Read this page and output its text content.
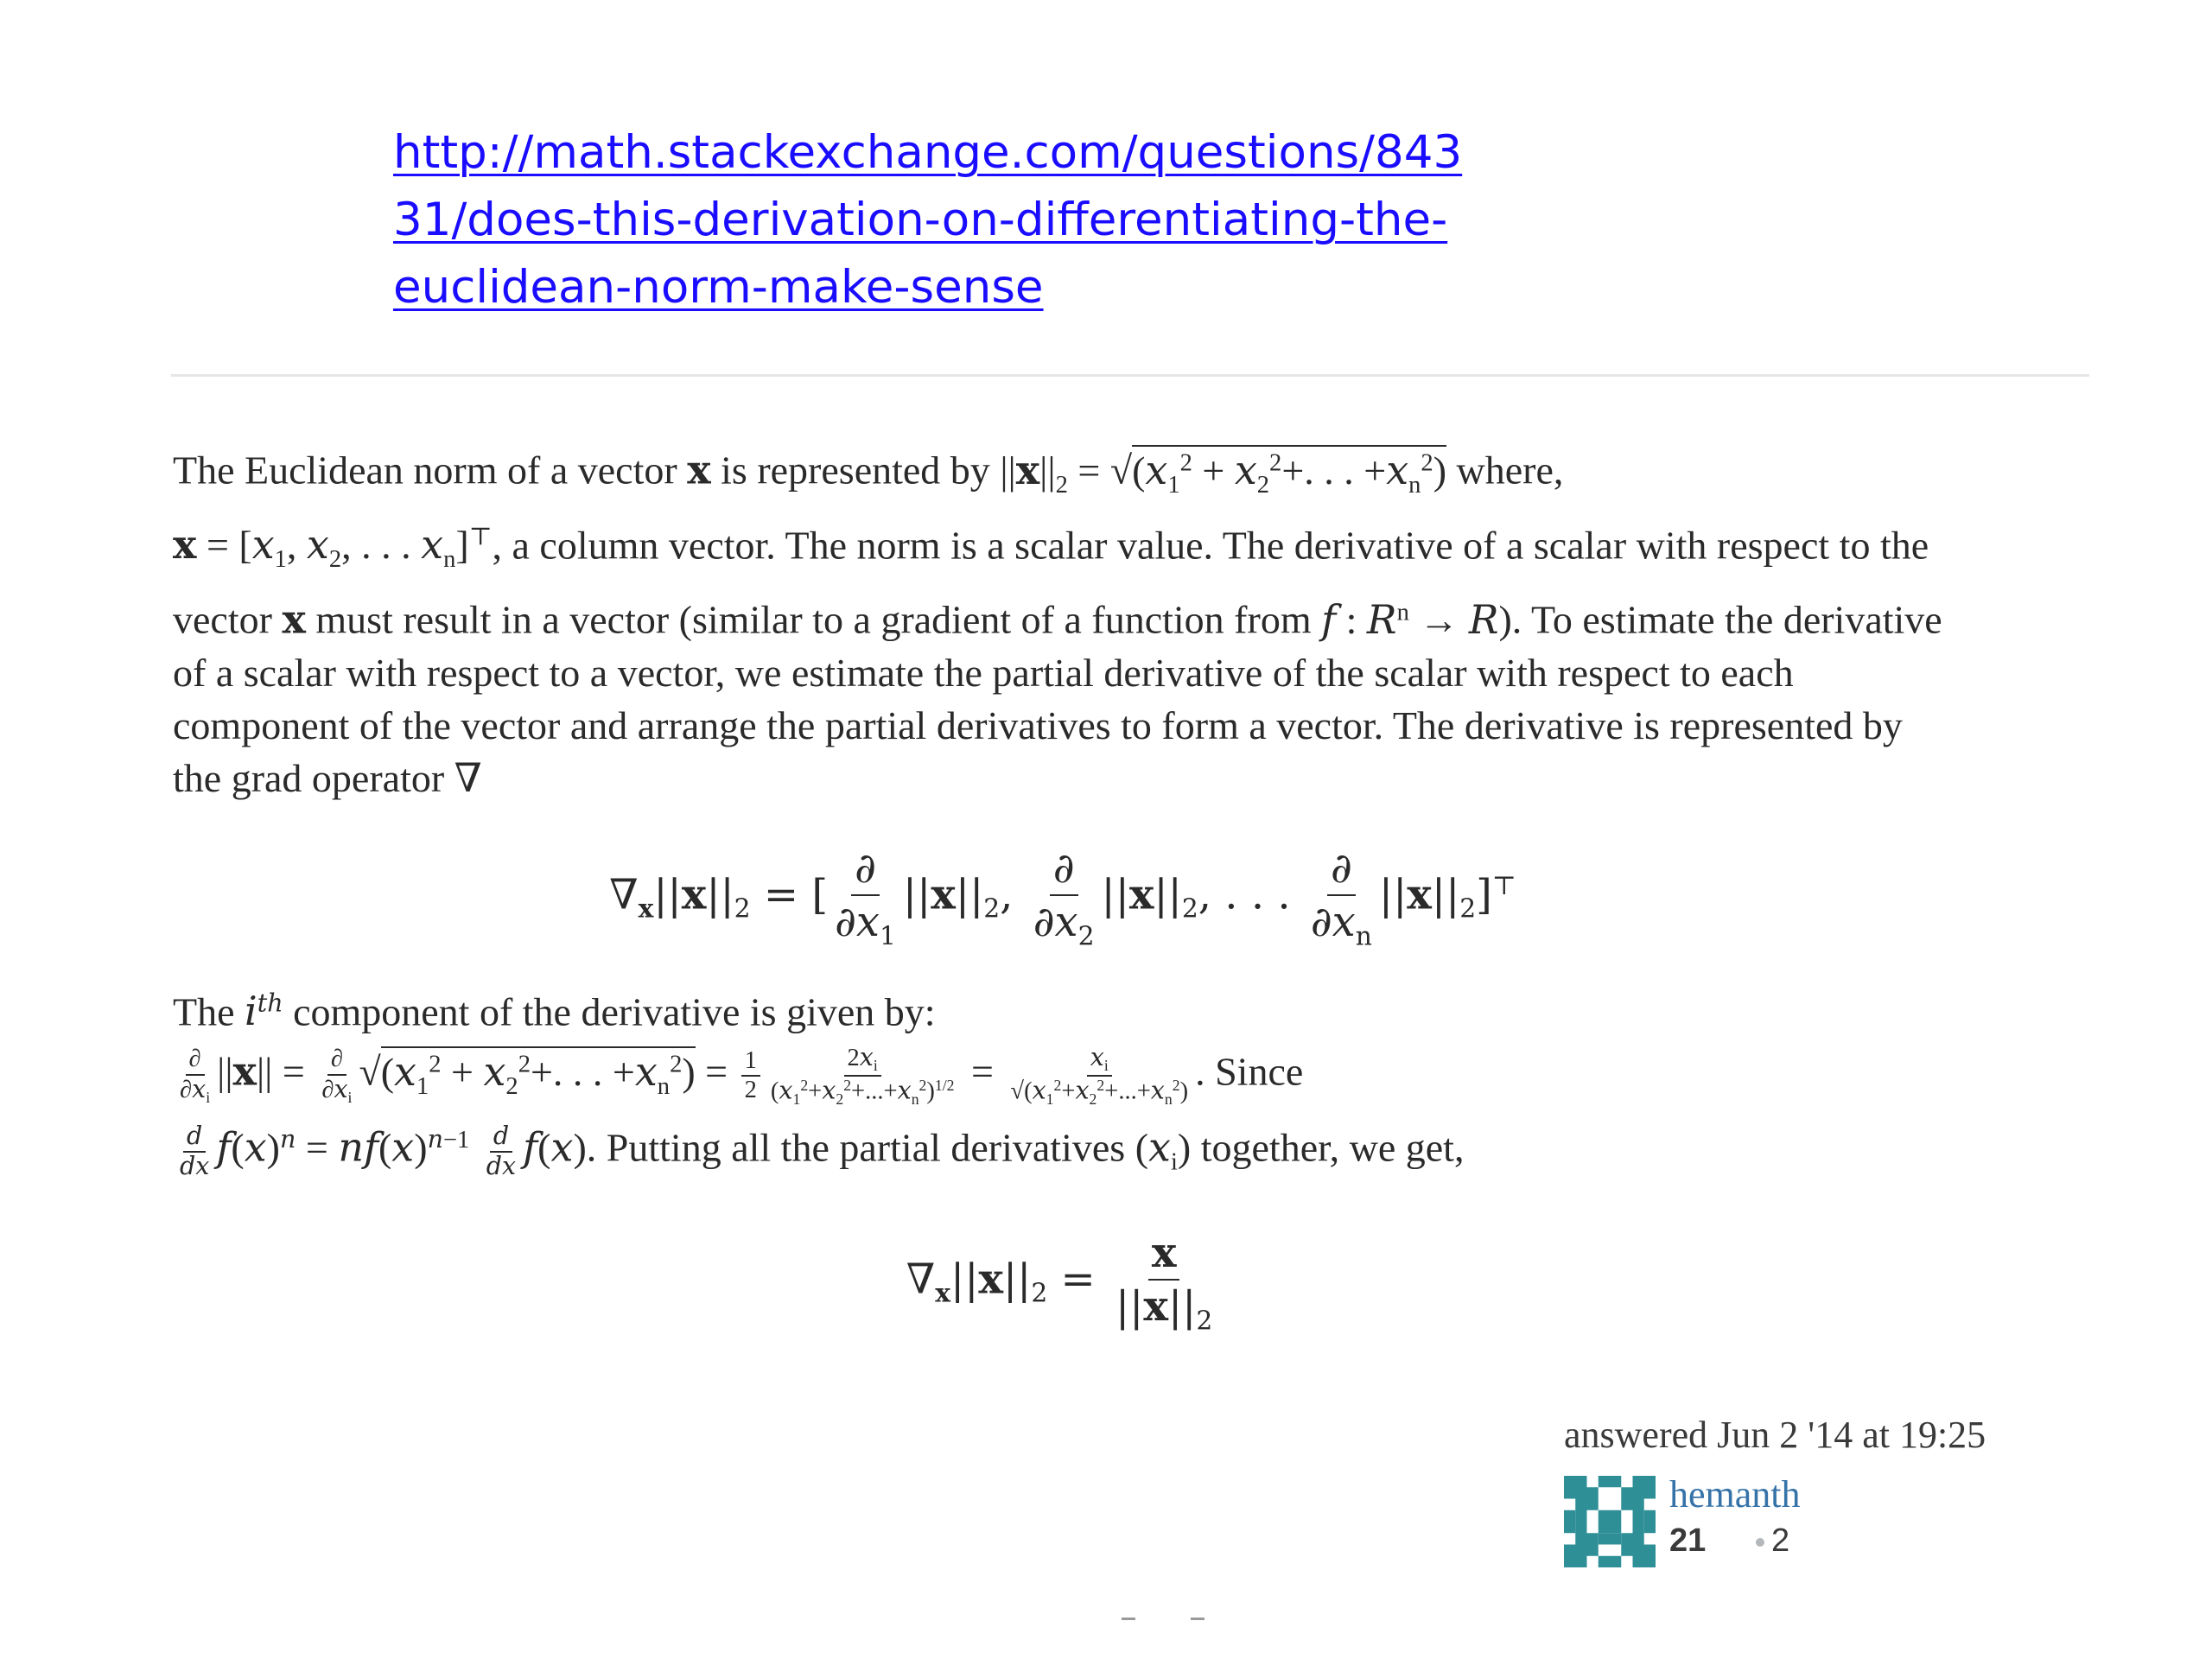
http://math.stackexchange.com/questions/843
31/does-this-derivation-on-differentiating-the-
euclidean-norm-make-sense

The Euclidean norm of a vector x is represented by $||x||_2 = √(x_1^2 + x_2^2+$. . . $+x_n^2$) where,
$x = [x_1$, $x_2$, . . . $x_n]^⊤$, a column vector. The norm is a scalar value. The derivative of a scalar with respect to the vector x must result in a vector (similar to a gradient of a function from f : $R^n \to R$). To estimate the derivative of a scalar with respect to a vector, we estimate the partial derivative of the scalar with respect to each component of the vector and arrange the partial derivatives to form a vector. The derivative is represented by the grad operator ∇

$\nabla_x||x||_2$ = [ $\frac{\partial}{\partial x_1} ||x||_2$, $\frac{\partial}{\partial x_2} ||x||_2$, . . . $\frac{\partial}{\partial x_n} ||x||_2]^⊤$

The $i^{th}$ component of the derivative is given by:

$\frac{\partial}{\partial x_i} ||x|| = \frac{\partial}{\partial x_i} √(x_1^2 + x_2^2+$. . . $+x_n^2) = \frac{1}{2} \frac{2x_i}{(x_1^2+x_2^2+...+x_n^2)^{1/2}} = \frac{x_i}{√(x_1^2+x_2^2+...+x_n^2)}$ . Since

$\frac{d}{dx} f(x)^n = nf(x)^{n-1} \frac{d}{dx} f(x)$. Putting all the partial derivatives $(x_i)$ together, we get,

$\nabla_x||x||_2 = \frac{x}{||x||_2}$
answered Jun 2 '14 at 19:25
hemanth
21	2
